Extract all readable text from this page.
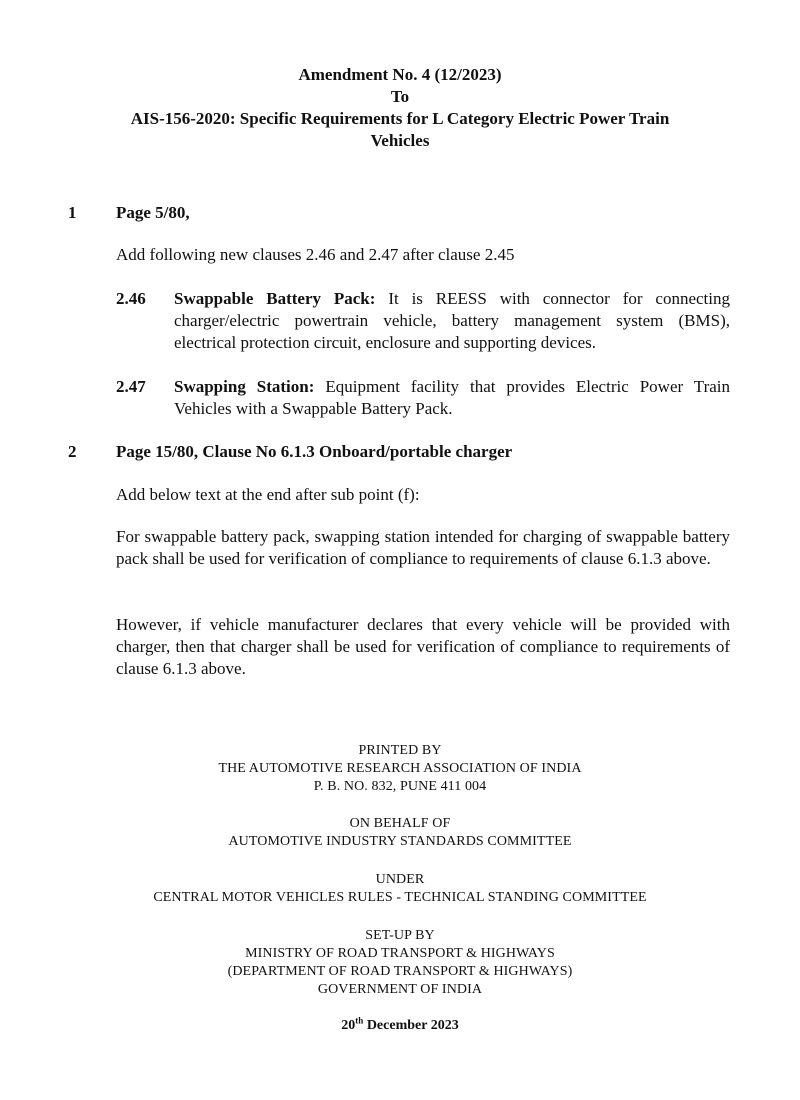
Amendment No. 4 (12/2023)
To
AIS-156-2020: Specific Requirements for L Category Electric Power Train
Vehicles
1 Page 5/80,
Add following new clauses 2.46 and 2.47 after clause 2.45
2.46 Swappable Battery Pack: It is REESS with connector for connecting charger/electric powertrain vehicle, battery management system (BMS), electrical protection circuit, enclosure and supporting devices.
2.47 Swapping Station: Equipment facility that provides Electric Power Train Vehicles with a Swappable Battery Pack.
2 Page 15/80, Clause No 6.1.3 Onboard/portable charger
Add below text at the end after sub point (f):
For swappable battery pack, swapping station intended for charging of swappable battery pack shall be used for verification of compliance to requirements of clause 6.1.3 above.
However, if vehicle manufacturer declares that every vehicle will be provided with charger, then that charger shall be used for verification of compliance to requirements of clause 6.1.3 above.
PRINTED BY
THE AUTOMOTIVE RESEARCH ASSOCIATION OF INDIA
P. B. NO. 832, PUNE 411 004
ON BEHALF OF
AUTOMOTIVE INDUSTRY STANDARDS COMMITTEE
UNDER
CENTRAL MOTOR VEHICLES RULES - TECHNICAL STANDING COMMITTEE
SET-UP BY
MINISTRY OF ROAD TRANSPORT & HIGHWAYS
(DEPARTMENT OF ROAD TRANSPORT & HIGHWAYS)
GOVERNMENT OF INDIA
20th December 2023
